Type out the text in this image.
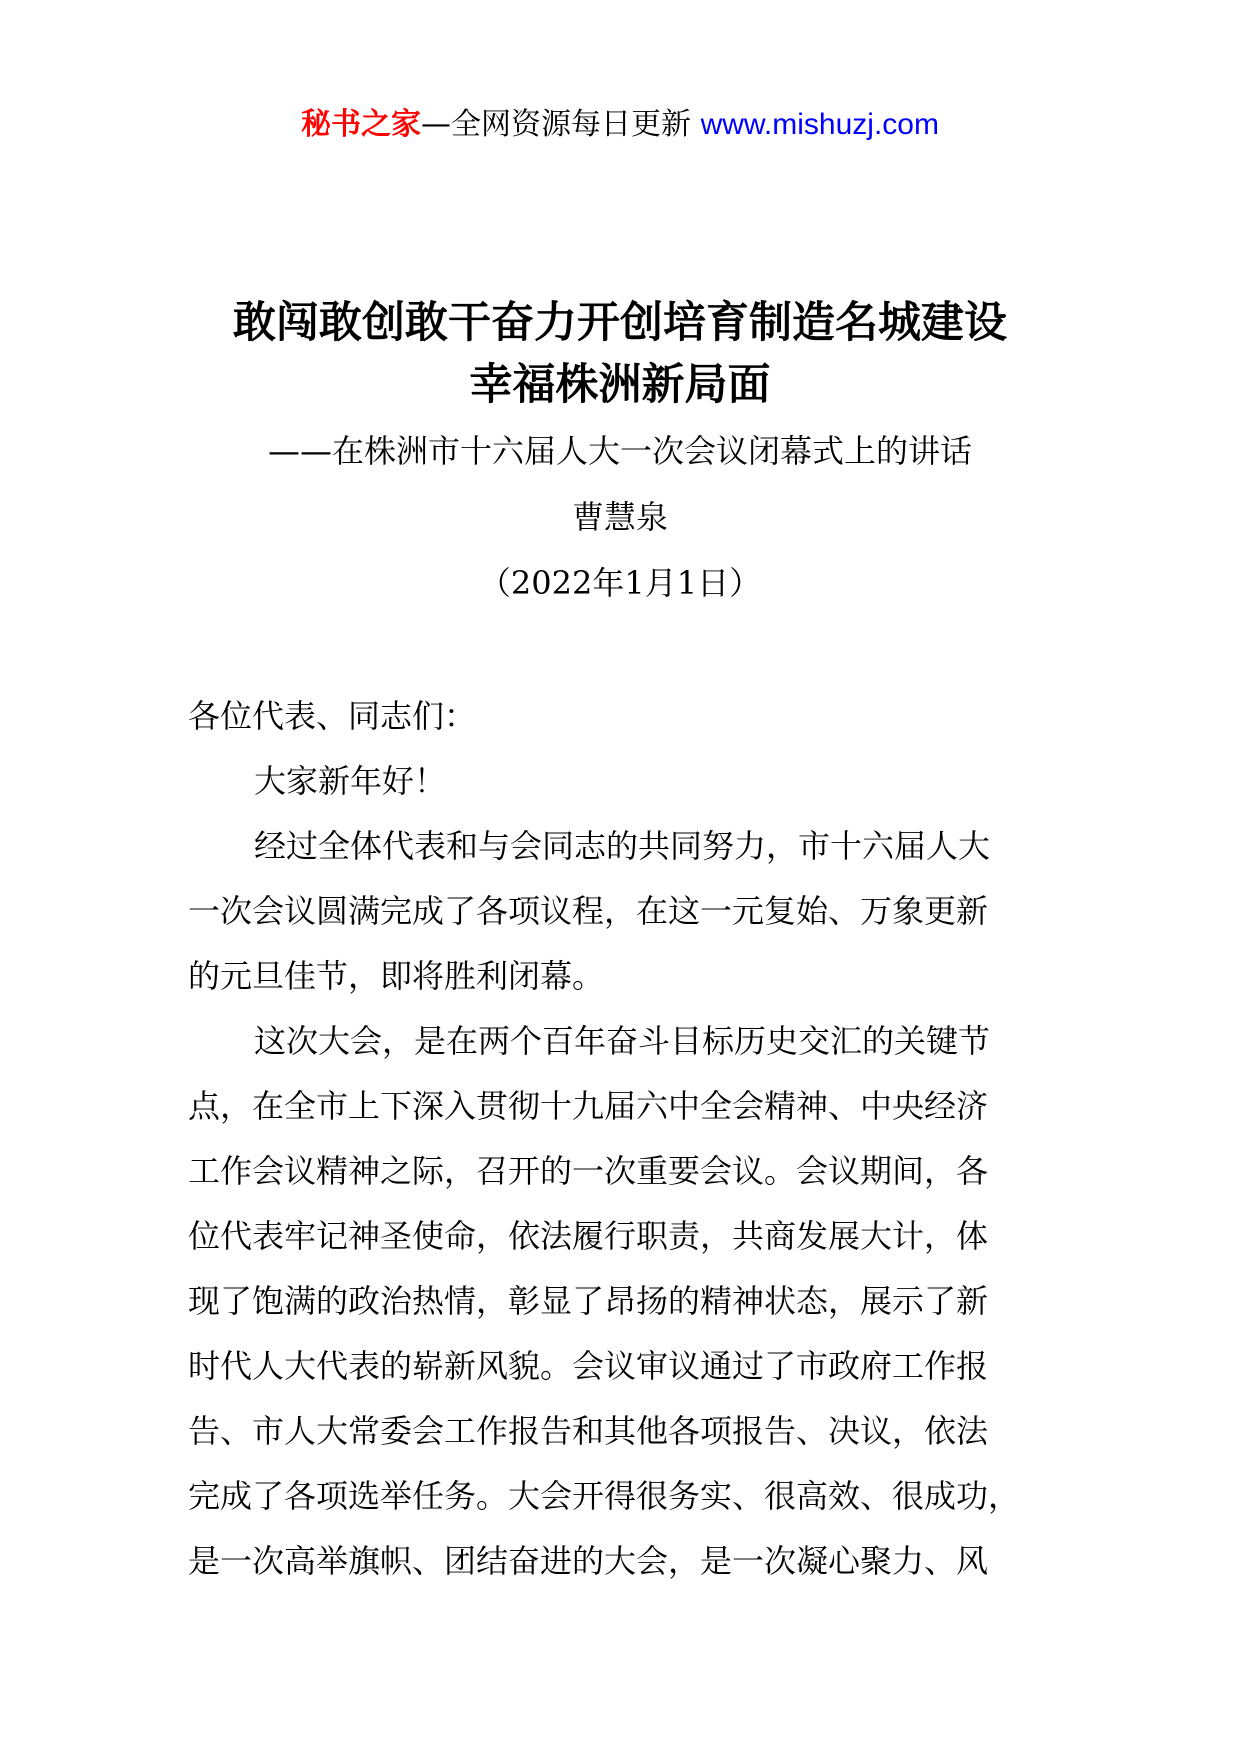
秘书之家—全网资源每日更新 www.mishuzj.com
敢闯敢创敢干奋力开创培育制造名城建设
幸福株洲新局面
——在株洲市十六届人大一次会议闭幕式上的讲话
曹慧泉
（2022年1月1日）
各位代表、同志们：
大家新年好！
经过全体代表和与会同志的共同努力，市十六届人大
一次会议圆满完成了各项议程，在这一元复始、万象更新
的元旦佳节，即将胜利闭幕。
这次大会，是在两个百年奋斗目标历史交汇的关键节
点，在全市上下深入贯彻十九届六中全会精神、中央经济
工作会议精神之际，召开的一次重要会议。会议期间，各
位代表牢记神圣使命，依法履行职责，共商发展大计，体
现了饱满的政治热情，彰显了昂扬的精神状态，展示了新
时代人大代表的崭新风貌。会议审议通过了市政府工作报
告、市人大常委会工作报告和其他各项报告、决议，依法
完成了各项选举任务。大会开得很务实、很高效、很成功，
是一次高举旗帜、团结奋进的大会，是一次凝心聚力、风
